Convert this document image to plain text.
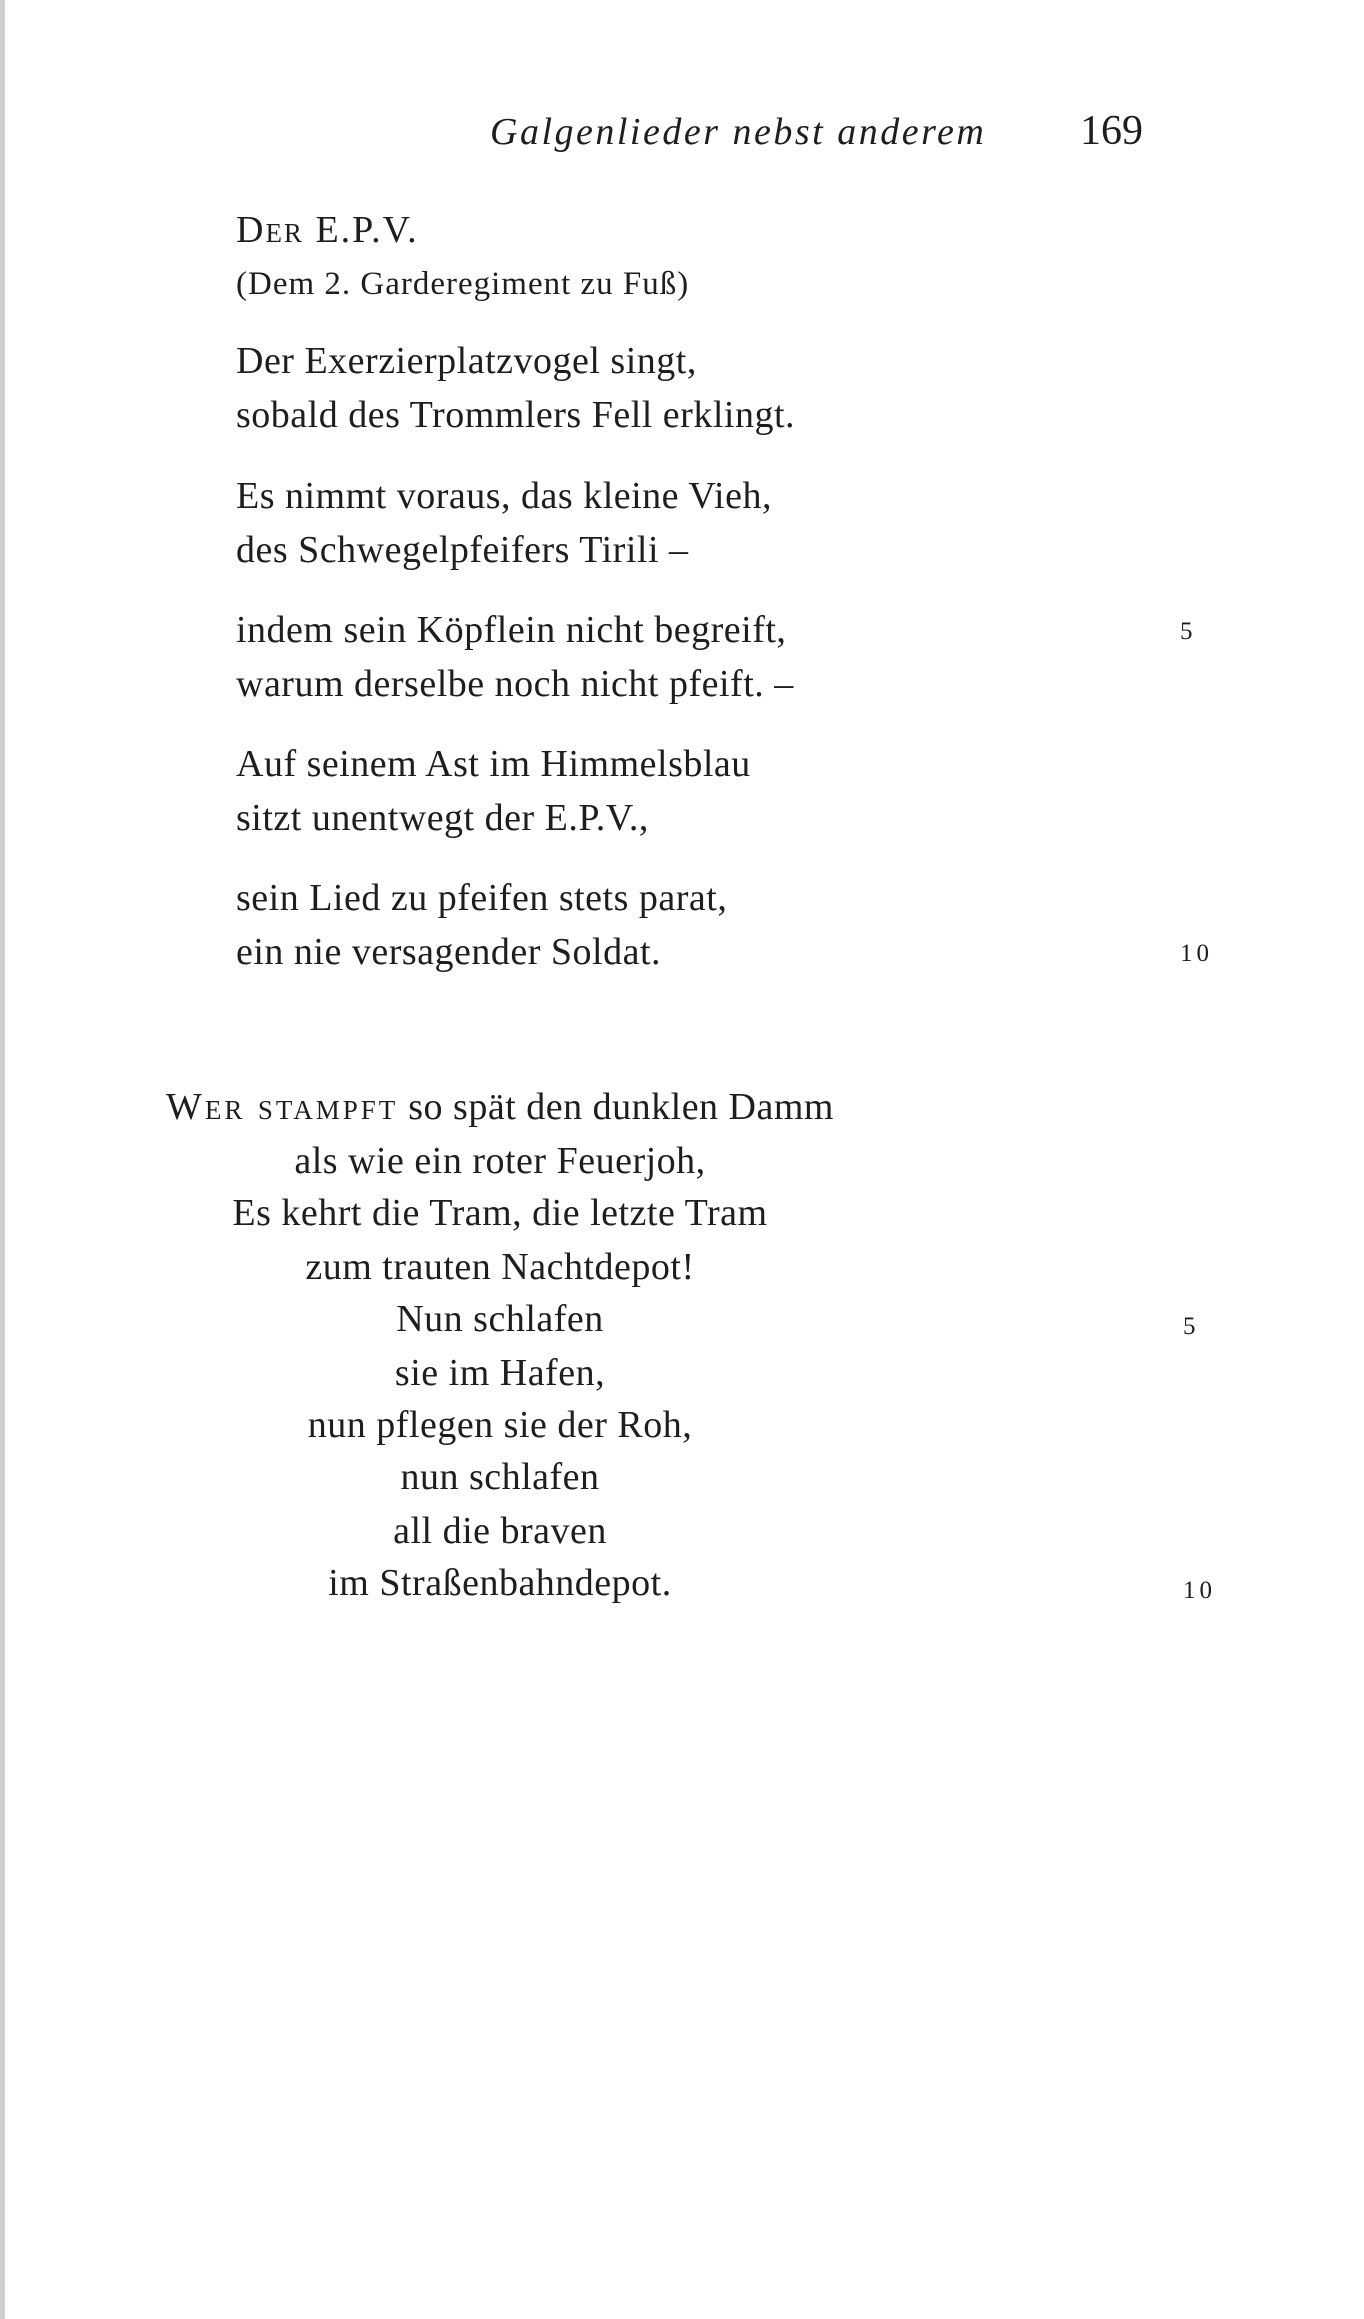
Galgenlieder nebst anderem 169
Der E.P.V.
(Dem 2. Garderegiment zu Fuß)
Der Exerzierplatzvogel singt,
sobald des Trommlers Fell erklingt.
Es nimmt voraus, das kleine Vieh,
des Schwegelpfeifers Tirili –
indem sein Köpflein nicht begreift,
warum derselbe noch nicht pfeift. –
Auf seinem Ast im Himmelsblau
sitzt unentwegt der E.P.V.,
sein Lied zu pfeifen stets parat,
ein nie versagender Soldat.
5
10
Wer stampft so spät den dunklen Damm
als wie ein roter Feuerjoh,
Es kehrt die Tram, die letzte Tram
zum trauten Nachtdepot!
Nun schlafen
sie im Hafen,
nun pflegen sie der Roh,
nun schlafen
all die braven
im Straßenbahndepot.
5
10
